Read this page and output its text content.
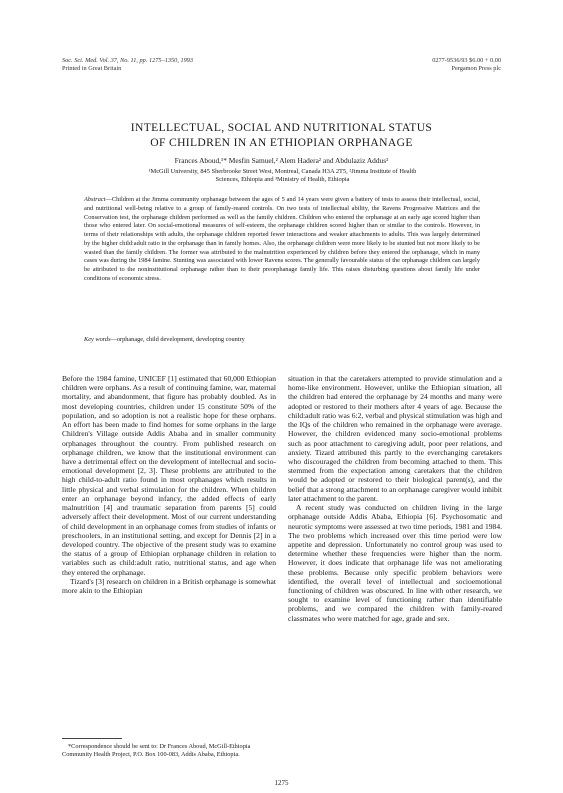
Soc. Sci. Med. Vol. 37, No. 11, pp. 1275–1350, 1993
Printed in Great Britain
0277-9536/93 $6.00 + 0.00
Pergamon Press plc
INTELLECTUAL, SOCIAL AND NUTRITIONAL STATUS
OF CHILDREN IN AN ETHIOPIAN ORPHANAGE
Frances Aboud,¹* Mesfin Samuel,² Alem Hadera² and Abdulaziz Addus²
¹McGill University, 845 Sherbrooke Street West, Montreal, Canada H3A 2T5, ²Jimma Institute of Health
Sciences, Ethiopia and ³Ministry of Health, Ethiopia
Abstract—Children at the Jimma community orphanage between the ages of 5 and 14 years were given a battery of tests to assess their intellectual, social, and nutritional well-being relative to a group of family-reared controls. On two tests of intellectual ability, the Ravens Progressive Matrices and the Conservation test, the orphanage children performed as well as the family children. Children who entered the orphanage at an early age scored higher than those who entered later. On social-emotional measures of self-esteem, the orphanage children scored higher than or similar to the controls. However, in terms of their relationships with adults, the orphanage children reported fewer interactions and weaker attachments to adults. This was largely determined by the higher child:adult ratio in the orphanage than in family homes. Also, the orphanage children were more likely to be stunted but not more likely to be wasted than the family children. The former was attributed to the malnutrition experienced by children before they entered the orphanage, which in many cases was during the 1984 famine. Stunting was associated with lower Ravens scores. The generally favourable status of the orphanage children can largely be attributed to the noninstitutional orphanage rather than to their preorphanage family life. This raises disturbing questions about family life under conditions of economic stress.
Key words—orphanage, child development, developing country

Before the 1984 famine, UNICEF [1] estimated that 60,000 Ethiopian children were orphans. As a result of continuing famine, war, maternal mortality, and abandonment, that figure has probably doubled. As in most developing countries, children under 15 constitute 50% of the population, and so adoption is not a realistic hope for these orphans. An effort has been made to find homes for some orphans in the large Children's Village outside Addis Ababa and in smaller community orphanages throughout the country. From published research on orphanage children, we know that the institutional environment can have a detrimental effect on the development of intellectual and socio-emotional development [2, 3]. These problems are attributed to the high child-to-adult ratio found in most orphanages which results in little physical and verbal stimulation for the children. When children enter an orphanage beyond infancy, the added effects of early malnutrition [4] and traumatic separation from parents [5] could adversely affect their development. Most of our current understanding of child development in an orphanage comes from studies of infants or preschoolers, in an institutional setting, and except for Dennis [2] in a developed country. The objective of the present study was to examine the status of a group of Ethiopian orphanage children in relation to variables such as child:adult ratio, nutritional status, and age when they entered the orphanage.

Tizard's [3] research on children in a British orphanage is somewhat more akin to the Ethiopian

situation in that the caretakers attempted to provide stimulation and a home-like environment. However, unlike the Ethiopian situation, all the children had entered the orphanage by 24 months and many were adopted or restored to their mothers after 4 years of age. Because the child:adult ratio was 6:2, verbal and physical stimulation was high and the IQs of the children who remained in the orphanage were average. However, the children evidenced many socio-emotional problems such as poor attachment to caregiving adult, poor peer relations, and anxiety. Tizard attributed this partly to the everchanging caretakers who discouraged the children from becoming attached to them. This stemmed from the expectation among caretakers that the children would be adopted or restored to their biological parent(s), and the belief that a strong attachment to an orphanage caregiver would inhibit later attachment to the parent.

A recent study was conducted on children living in the large orphanage outside Addis Ababa, Ethiopia [6]. Psychosomatic and neurotic symptoms were assessed at two time periods, 1981 and 1984. The two problems which increased over this time period were low appetite and depression. Unfortunately no control group was used to determine whether these frequencies were higher than the norm. However, it does indicate that orphanage life was not ameliorating these problems. Because only specific problem behaviors were identified, the overall level of intellectual and socioemotional functioning of children was obscured. In line with other research, we sought to examine level of functioning rather than identifiable problems, and we compared the children with family-reared classmates who were matched for age, grade and sex.

*Correspondence should be sent to: Dr Frances Aboud, McGill-Ethiopia Community Health Project, P.O. Box 100-083, Addis Ababa, Ethiopia.
1275
